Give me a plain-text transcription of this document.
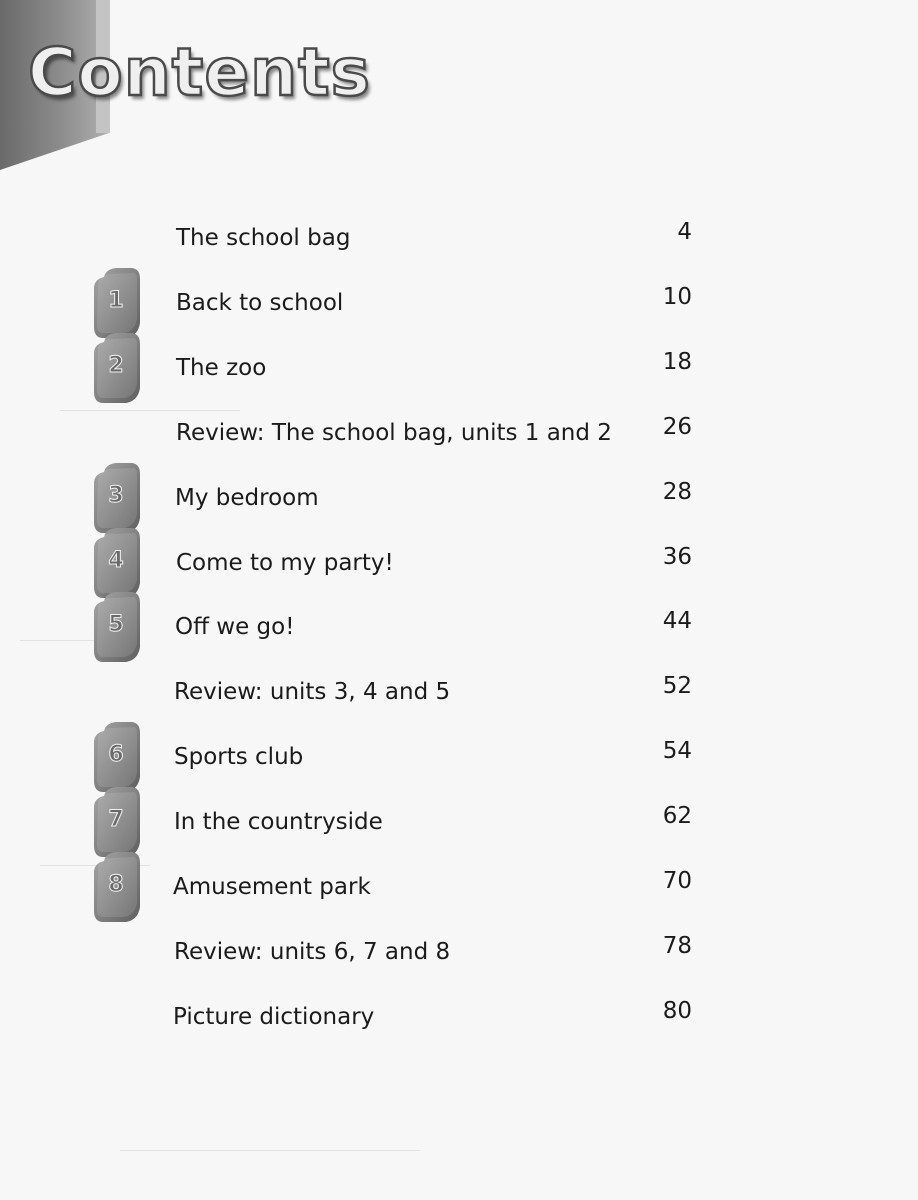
Contents
The school bag	4
1	Back to school	10
2	The zoo	18
Review: The school bag, units 1 and 2	26
3	My bedroom	28
4	Come to my party!	36
5	Off we go!	44
Review: units 3, 4 and 5	52
6	Sports club	54
7	In the countryside	62
8	Amusement park	70
Review: units 6, 7 and 8	78
Picture dictionary	80
